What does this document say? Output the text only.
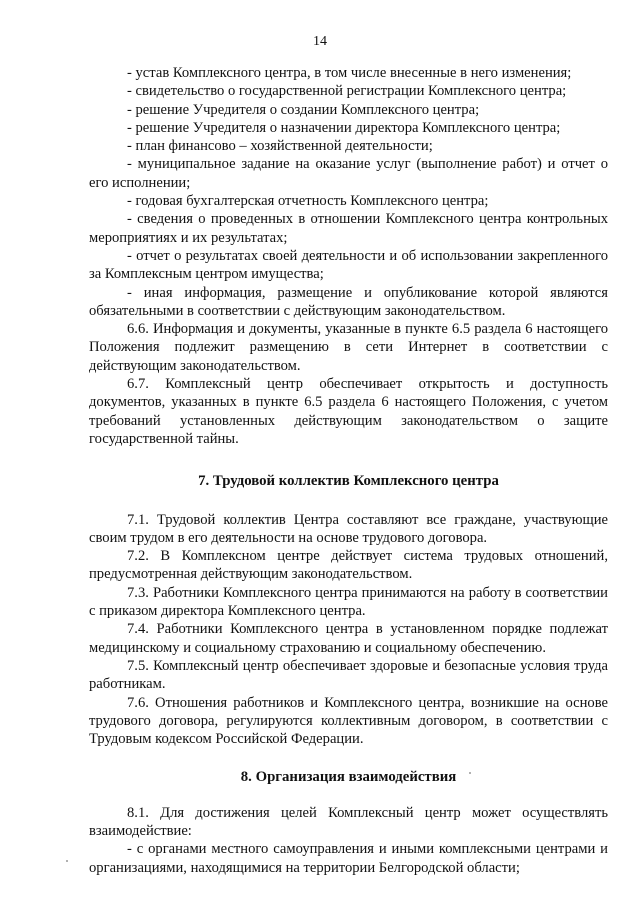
14

- устав Комплексного центра, в том числе внесенные в него изменения;

- свидетельство о государственной регистрации Комплексного центра;

- решение Учредителя о создании Комплексного центра;

- решение Учредителя о назначении директора Комплексного центра;

- план финансово – хозяйственной деятельности;

- муниципальное задание на оказание услуг (выполнение работ) и отчет о его исполнении;

- годовая бухгалтерская отчетность Комплексного центра;

- сведения о проведенных в отношении Комплексного центра контрольных мероприятиях и их результатах;

- отчет о результатах своей деятельности и об использовании закрепленного за Комплексным центром имущества;

- иная информация, размещение и опубликование которой являются обязательными в соответствии с действующим законодательством.

6.6. Информация и документы, указанные в пункте 6.5 раздела 6 настоящего Положения подлежит размещению в сети Интернет в соответствии с действующим законодательством.

6.7. Комплексный центр обеспечивает открытость и доступность документов, указанных в пункте 6.5 раздела 6 настоящего Положения, с учетом требований установленных действующим законодательством о защите государственной тайны.

7. Трудовой коллектив Комплексного центра

7.1. Трудовой коллектив Центра составляют все граждане, участвующие своим трудом в его деятельности на основе трудового договора.

7.2. В Комплексном центре действует система трудовых отношений, предусмотренная действующим законодательством.

7.3. Работники Комплексного центра принимаются на работу в соответствии с приказом директора Комплексного центра.

7.4. Работники Комплексного центра в установленном порядке подлежат медицинскому и социальному страхованию и социальному обеспечению.

7.5. Комплексный центр обеспечивает здоровые и безопасные условия труда работникам.

7.6. Отношения работников и Комплексного центра, возникшие на основе трудового договора, регулируются коллективным договором, в соответствии с Трудовым кодексом Российской Федерации.

8. Организация взаимодействия

8.1. Для достижения целей Комплексный центр может осуществлять взаимодействие:

- с органами местного самоуправления и иными комплексными центрами и организациями, находящимися на территории Белгородской области;
